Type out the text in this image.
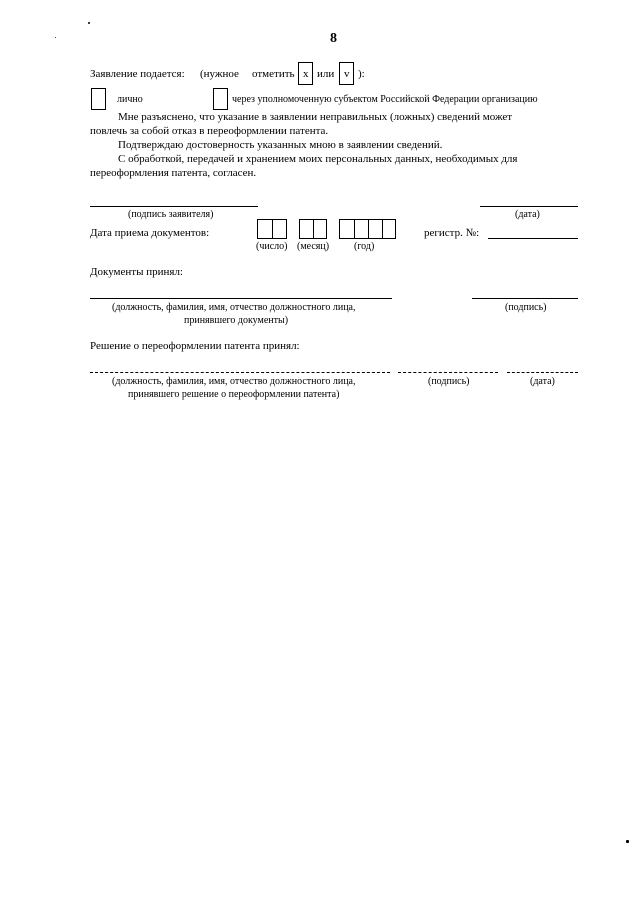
8
Заявление подается: (нужное отметить x или v ):
лично	через уполномоченную субъектом Российской Федерации организацию
Мне разъяснено, что указание в заявлении неправильных (ложных) сведений может
повлечь за собой отказ в переоформлении патента.
Подтверждаю достоверность указанных мною в заявлении сведений.
С обработкой, передачей и хранением моих персональных данных, необходимых для
переоформления патента, согласен.
(подпись заявителя)	(дата)
Дата приема документов:
(число) (месяц) (год)
регистр. №:
Документы принял:
(должность, фамилия, имя, отчество должностного лица,
принявшего документы)
(подпись)
Решение о переоформлении патента принял:
(должность, фамилия, имя, отчество должностного лица,
принявшего решение о переоформлении патента)
(подпись)	(дата)
